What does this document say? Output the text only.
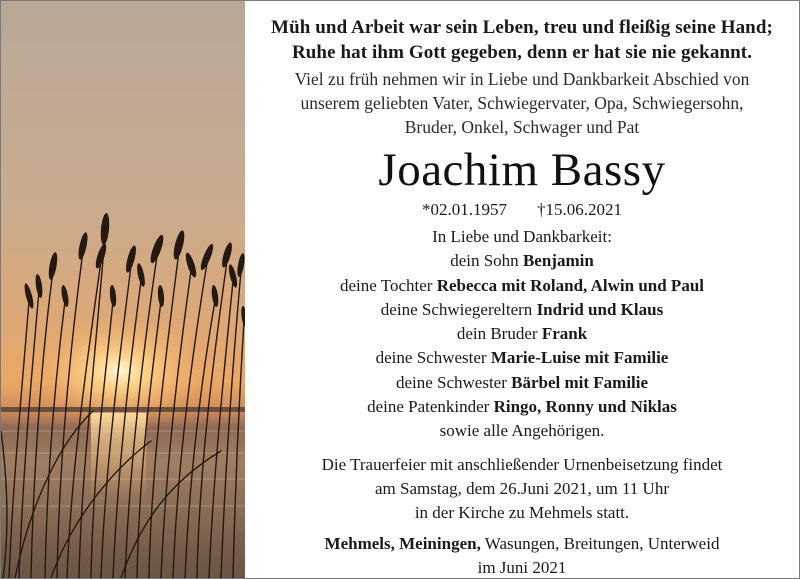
Müh und Arbeit war sein Leben, treu und fleißig seine Hand;
Ruhe hat ihm Gott gegeben, denn er hat sie nie gekannt.
Viel zu früh nehmen wir in Liebe und Dankbarkeit Abschied von
unserem geliebten Vater, Schwiegervater, Opa, Schwiegersohn,
Bruder, Onkel, Schwager und Pat
Joachim Bassy
*02.01.1957 †15.06.2021
In Liebe und Dankbarkeit:
dein Sohn Benjamin
deine Tochter Rebecca mit Roland, Alwin und Paul
deine Schwiegereltern Indrid und Klaus
dein Bruder Frank
deine Schwester Marie-Luise mit Familie
deine Schwester Bärbel mit Familie
deine Patenkinder Ringo, Ronny und Niklas
sowie alle Angehörigen.
Die Trauerfeier mit anschließender Urnenbeisetzung findet
am Samstag, dem 26.Juni 2021, um 11 Uhr
in der Kirche zu Mehmels statt.
Mehmels, Meiningen, Wasungen, Breitungen, Unterweid
im Juni 2021
